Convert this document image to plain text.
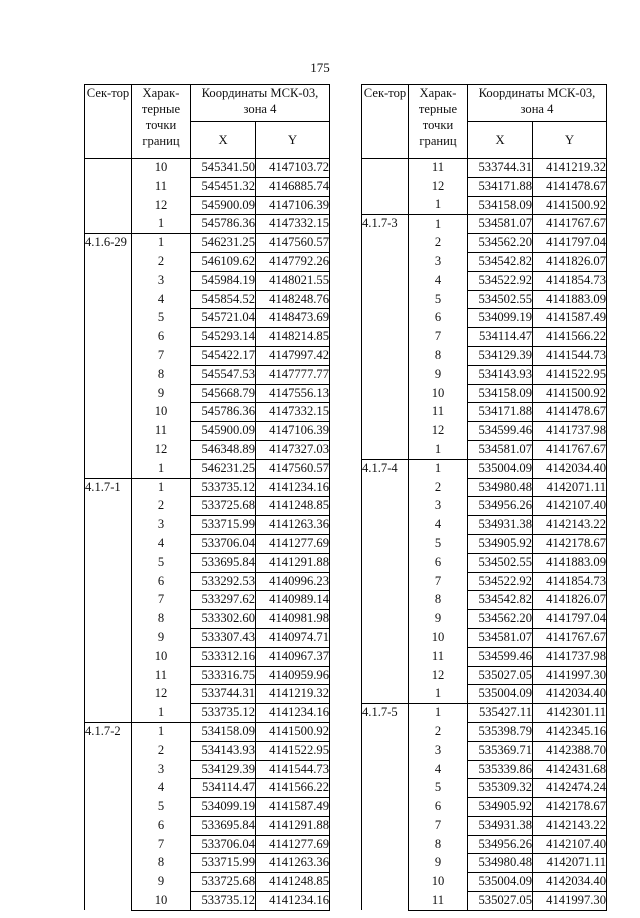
175
Сек-тор	Харак-терные точки границ	Координаты МСК-03, зона 4	
		X	Y
	10	545341.50	4147103.72
	11	545451.32	4146885.74
	12	545900.09	4147106.39
	1	545786.36	4147332.15
4.1.6-29	1	546231.25	4147560.57
	2	546109.62	4147792.26
	3	545984.19	4148021.55
	4	545854.52	4148248.76
	5	545721.04	4148473.69
	6	545293.14	4148214.85
	7	545422.17	4147997.42
	8	545547.53	4147777.77
	9	545668.79	4147556.13
	10	545786.36	4147332.15
	11	545900.09	4147106.39
	12	546348.89	4147327.03
	1	546231.25	4147560.57
4.1.7-1	1	533735.12	4141234.16
	2	533725.68	4141248.85
	3	533715.99	4141263.36
	4	533706.04	4141277.69
	5	533695.84	4141291.88
	6	533292.53	4140996.23
	7	533297.62	4140989.14
	8	533302.60	4140981.98
	9	533307.43	4140974.71
	10	533312.16	4140967.37
	11	533316.75	4140959.96
	12	533744.31	4141219.32
	1	533735.12	4141234.16
4.1.7-2	1	534158.09	4141500.92
	2	534143.93	4141522.95
	3	534129.39	4141544.73
	4	534114.47	4141566.22
	5	534099.19	4141587.49
	6	533695.84	4141291.88
	7	533706.04	4141277.69
	8	533715.99	4141263.36
	9	533725.68	4141248.85
	10	533735.12	4141234.16
Сек-тор	Харак-терные точки границ	Координаты МСК-03, зона 4	
		X	Y
	11	533744.31	4141219.32
	12	534171.88	4141478.67
	1	534158.09	4141500.92
4.1.7-3	1	534581.07	4141767.67
	2	534562.20	4141797.04
	3	534542.82	4141826.07
	4	534522.92	4141854.73
	5	534502.55	4141883.09
	6	534099.19	4141587.49
	7	534114.47	4141566.22
	8	534129.39	4141544.73
	9	534143.93	4141522.95
	10	534158.09	4141500.92
	11	534171.88	4141478.67
	12	534599.46	4141737.98
	1	534581.07	4141767.67
4.1.7-4	1	535004.09	4142034.40
	2	534980.48	4142071.11
	3	534956.26	4142107.40
	4	534931.38	4142143.22
	5	534905.92	4142178.67
	6	534502.55	4141883.09
	7	534522.92	4141854.73
	8	534542.82	4141826.07
	9	534562.20	4141797.04
	10	534581.07	4141767.67
	11	534599.46	4141737.98
	12	535027.05	4141997.30
	1	535004.09	4142034.40
4.1.7-5	1	535427.11	4142301.11
	2	535398.79	4142345.16
	3	535369.71	4142388.70
	4	535339.86	4142431.68
	5	535309.32	4142474.24
	6	534905.92	4142178.67
	7	534931.38	4142143.22
	8	534956.26	4142107.40
	9	534980.48	4142071.11
	10	535004.09	4142034.40
	11	535027.05	4141997.30
